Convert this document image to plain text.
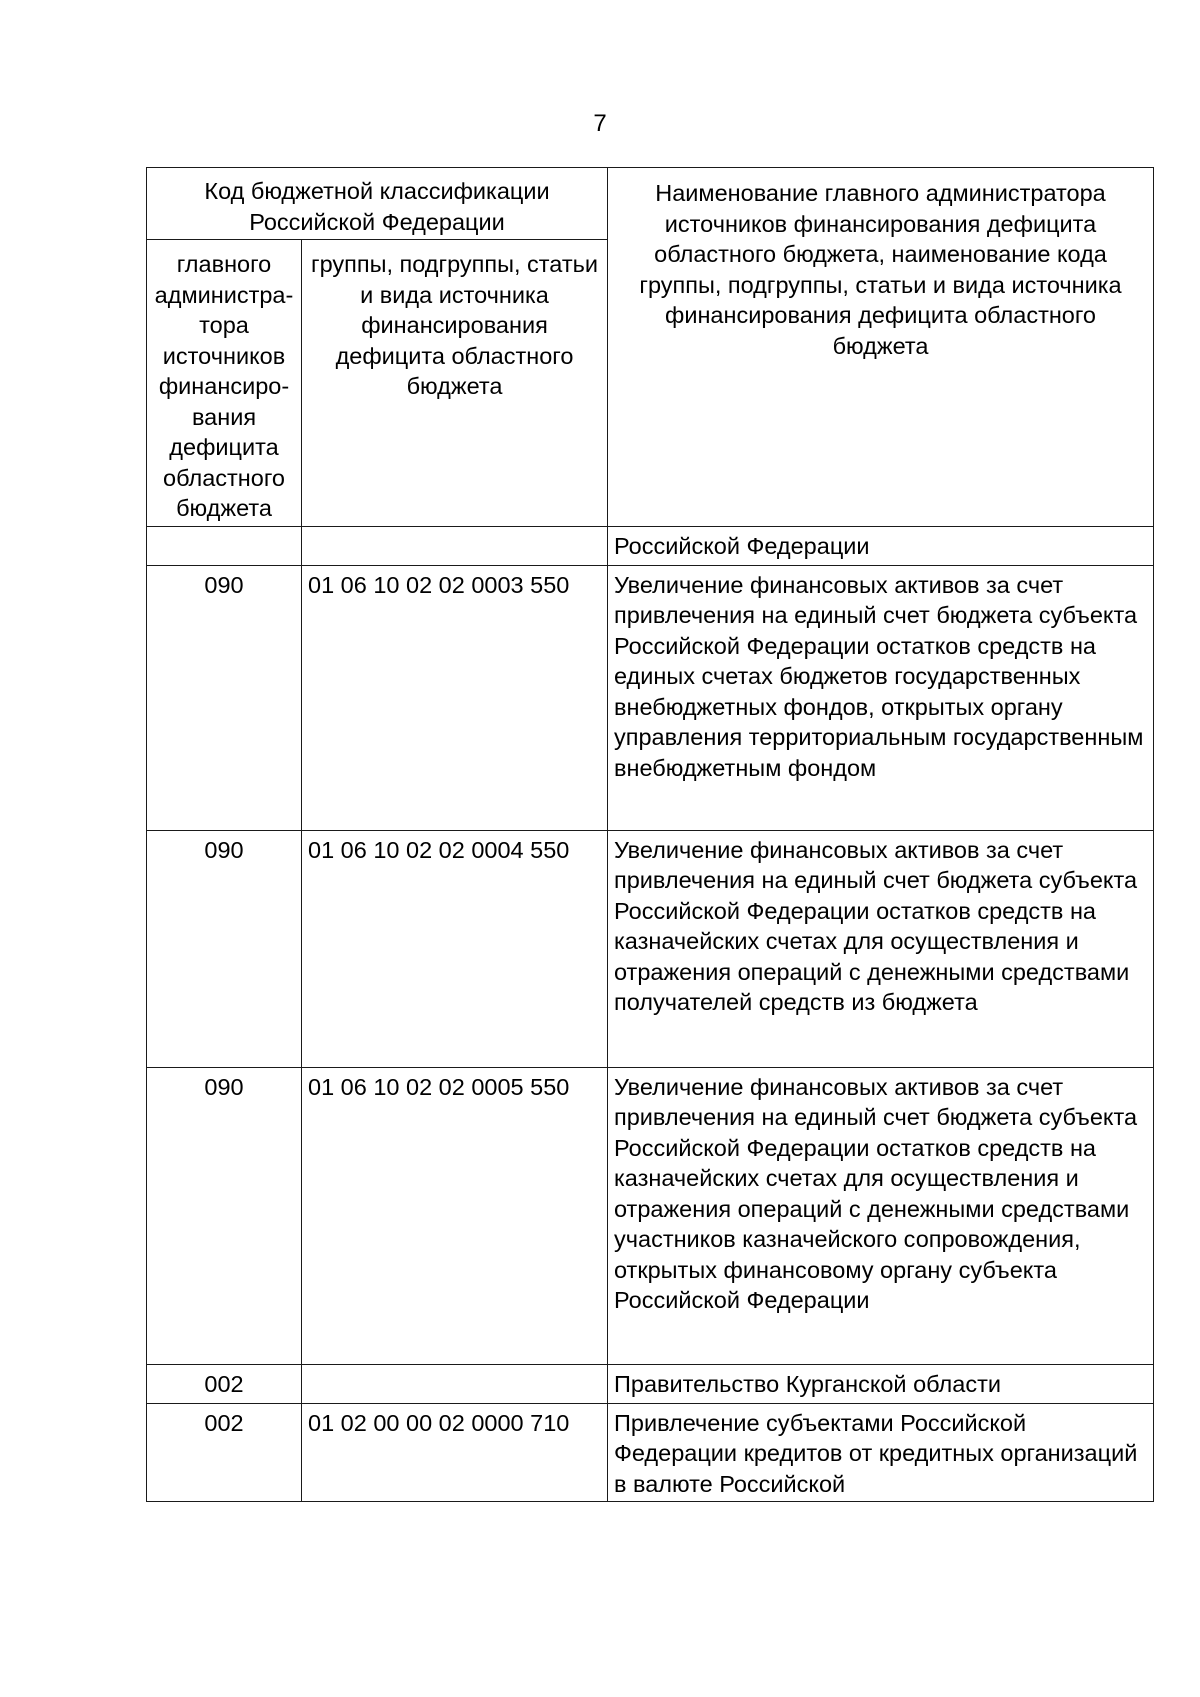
7
Код бюджетной классификации Российской Федерации		Наименование главного администратора источников финансирования дефицита областного бюджета, наименование кода группы, подгруппы, статьи и вида источника финансирования дефицита областного бюджета
главного администра-тора источников финансиро-вания дефицита областного бюджета	группы, подгруппы, статьи и вида источника финансирования дефицита областного бюджета	
		Российской Федерации
090	01 06 10 02 02 0003 550	Увеличение финансовых активов за счет привлечения на единый счет бюджета субъекта Российской Федерации остатков средств на единых счетах бюджетов государственных внебюджетных фондов, открытых органу управления территориальным государственным внебюджетным фондом
090	01 06 10 02 02 0004 550	Увеличение финансовых активов за счет привлечения на единый счет бюджета субъекта Российской Федерации остатков средств на казначейских счетах для осуществления и отражения операций с денежными средствами получателей средств из бюджета
090	01 06 10 02 02 0005 550	Увеличение финансовых активов за счет привлечения на единый счет бюджета субъекта Российской Федерации остатков средств на казначейских счетах для осуществления и отражения операций с денежными средствами участников казначейского сопровождения, открытых финансовому органу субъекта Российской Федерации
002		Правительство Курганской области
002	01 02 00 00 02 0000 710	Привлечение субъектами Российской Федерации кредитов от кредитных организаций в валюте Российской
